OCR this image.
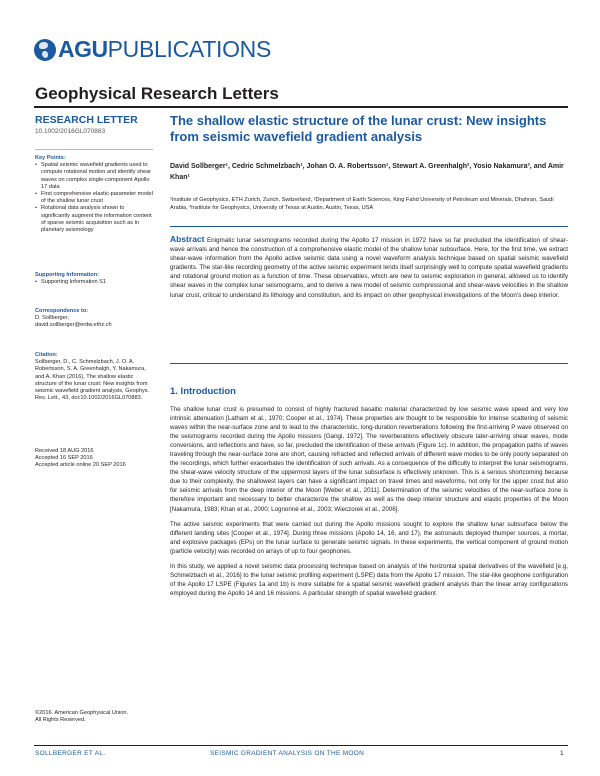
AGU PUBLICATIONS
Geophysical Research Letters
RESEARCH LETTER
10.1002/2016GL070883
Key Points:
• Spatial seismic wavefield gradients used to compute rotational motion and identify shear waves on complex single-component Apollo 17 data
• First comprehensive elastic-parameter model of the shallow lunar crust
• Rotational data analysis shown to significantly augment the information content of sparse seismic acquisition such as in planetary seismology
Supporting Information:
• Supporting Information S1
Correspondence to:
D. Sollberger,
david.sollberger@erdw.ethz.ch
Citation:
Sollberger, D., C. Schmelzbach, J. O. A. Robertsson, S. A. Greenhalgh, Y. Nakamura, and A. Khan (2016), The shallow elastic structure of the lunar crust: New insights from seismic wavefield gradient analysis, Geophys. Res. Lett., 43, doi:10.1002/2016GL070883.
Received 18 AUG 2016
Accepted 16 SEP 2016
Accepted article online 20 SEP 2016
©2016. American Geophysical Union.
All Rights Reserved.
The shallow elastic structure of the lunar crust: New insights from seismic wavefield gradient analysis
David Sollberger¹, Cedric Schmelzbach¹, Johan O. A. Robertsson¹, Stewart A. Greenhalgh², Yosio Nakamura³, and Amir Khan¹
¹Institute of Geophysics, ETH Zurich, Zurich, Switzerland, ²Department of Earth Sciences, King Fahd University of Petroleum and Minerals, Dhahran, Saudi Arabia, ³Institute for Geophysics, University of Texas at Austin, Austin, Texas, USA
Abstract Enigmatic lunar seismograms recorded during the Apollo 17 mission in 1972 have so far precluded the identification of shear-wave arrivals and hence the construction of a comprehensive elastic model of the shallow lunar subsurface. Here, for the first time, we extract shear-wave information from the Apollo active seismic data using a novel waveform analysis technique based on spatial seismic wavefield gradients. The star-like recording geometry of the active seismic experiment lends itself surprisingly well to compute spatial wavefield gradients and rotational ground motion as a function of time. These observables, which are new to seismic exploration in general, allowed us to identify shear waves in the complex lunar seismograms, and to derive a new model of seismic compressional and shear-wave velocities in the shallow lunar crust, critical to understand its lithology and constitution, and its impact on other geophysical investigations of the Moon's deep interior.
1. Introduction

The shallow lunar crust is presumed to consist of highly fractured basaltic material characterized by low seismic wave speed and very low intrinsic attenuation [Latham et al., 1970; Cooper et al., 1974]. These properties are thought to be responsible for intense scattering of seismic waves within the near-surface zone and to lead to the characteristic, long-duration reverberations following the first-arriving P wave observed on the seismograms recorded during the Apollo missions [Gangi, 1972]. The reverberations effectively obscure later-arriving shear waves, mode conversions, and reflections and have, so far, precluded the identification of these arrivals (Figure 1c). In addition, the propagation paths of waves traveling through the near-surface zone are short, causing refracted and reflected arrivals of different wave modes to be only poorly separated on the recordings, which further exacerbates the identification of such arrivals. As a consequence of the difficulty to interpret the lunar seismograms, the shear-wave velocity structure of the uppermost layers of the lunar subsurface is effectively unknown. This is a serious shortcoming because due to their complexity, the shallowest layers can have a significant impact on travel times and waveforms, not only for the upper crust but also for seismic arrivals from the deep interior of the Moon [Weber et al., 2011]. Determination of the seismic velocities of the near-surface zone is therefore important and necessary to better characterize the shallow as well as the deep interior structure and elastic properties of the Moon [Nakamura, 1983; Khan et al., 2000; Lognonné et al., 2003; Wieczorek et al., 2006].

The active seismic experiments that were carried out during the Apollo missions sought to explore the shallow lunar subsurface below the different landing sites [Cooper et al., 1974]. During three missions (Apollo 14, 16, and 17), the astronauts deployed thumper sources, a mortar, and explosive packages (EPs) on the lunar surface to generate seismic signals. In these experiments, the vertical component of ground motion (particle velocity) was recorded on arrays of up to four geophones.

In this study, we applied a novel seismic data processing technique based on analysis of the horizontal spatial derivatives of the wavefield [e.g, Schmelzbach et al., 2016] to the lunar seismic profiling experiment (LSPE) data from the Apollo 17 mission. The star-like geophone configuration of the Apollo 17 LSPE (Figures 1a and 1b) is more suitable for a spatial seismic wavefield gradient analysis than the linear array configurations employed during the Apollo 14 and 16 missions. A particular strength of spatial wavefield gradient

SOLLBERGER ET AL.	SEISMIC GRADIENT ANALYSIS ON THE MOON	1
